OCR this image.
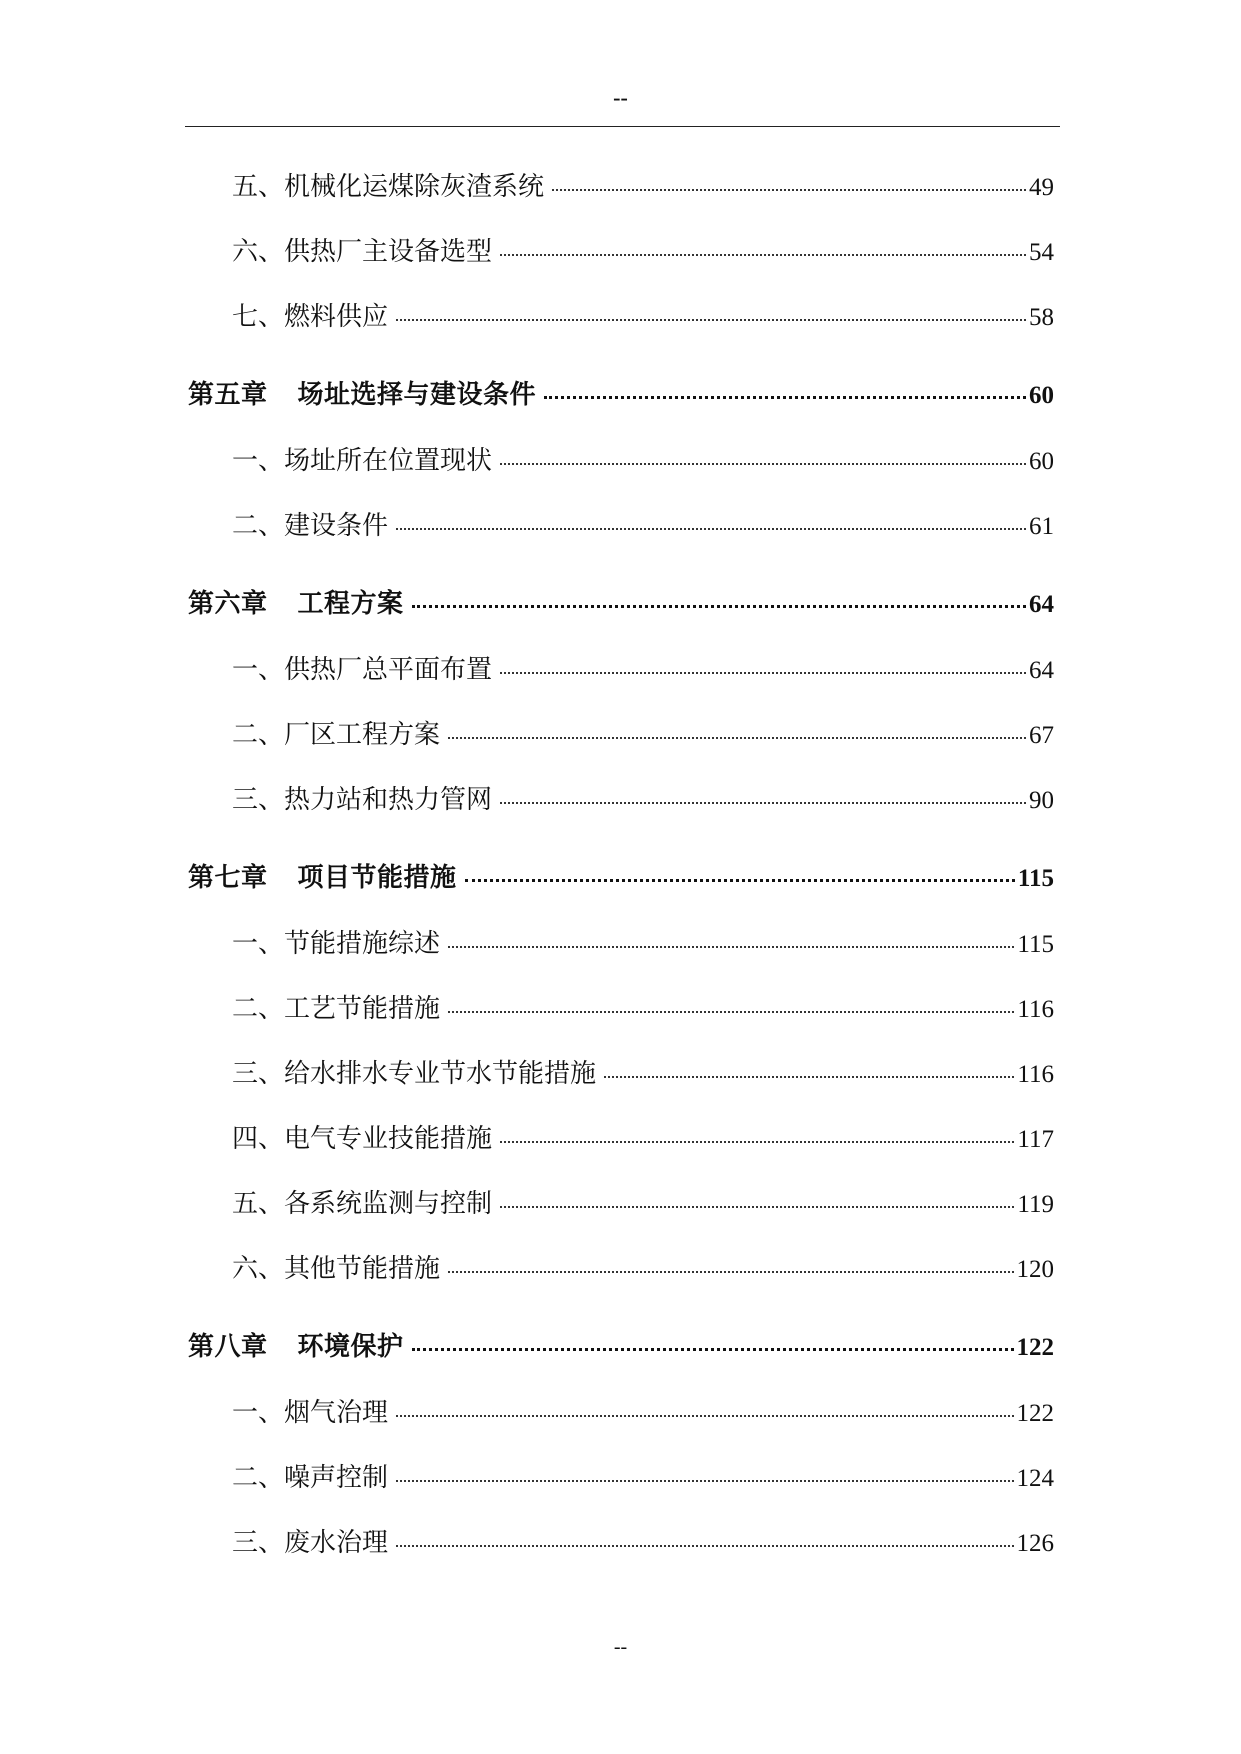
--
五、机械化运煤除灰渣系统	49
六、供热厂主设备选型	54
七、燃料供应	58
第五章 场址选择与建设条件	60
一、场址所在位置现状	60
二、建设条件	61
第六章 工程方案	64
一、供热厂总平面布置	64
二、厂区工程方案	67
三、热力站和热力管网	90
第七章 项目节能措施	115
一、节能措施综述	115
二、工艺节能措施	116
三、给水排水专业节水节能措施	116
四、电气专业技能措施	117
五、各系统监测与控制	119
六、其他节能措施	120
第八章 环境保护	122
一、烟气治理	122
二、噪声控制	124
三、废水治理	126
--
